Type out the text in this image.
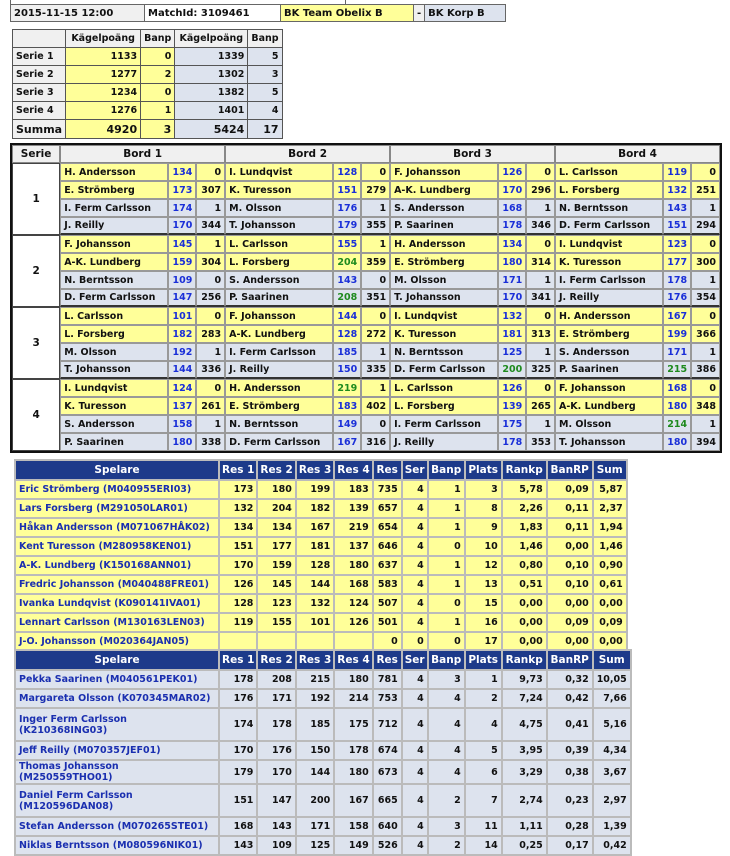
2015-11-15 12:00	MatchId: 3109461	BK Team Obelix B	-	BK Korp B
	Kägelpoäng	Banp	Kägelpoäng	Banp
Serie 1	1133	0	1339	5
Serie 2	1277	2	1302	3
Serie 3	1234	0	1382	5
Serie 4	1276	1	1401	4
Summa	4920	3	5424	17
Serie	Bord 1			Bord 2			Bord 3			Bord 4		
1	H. Andersson	134	0	I. Lundqvist	128	0	F. Johansson	126	0	L. Carlsson	119	0
	E. Strömberg	173	307	K. Turesson	151	279	A-K. Lundberg	170	296	L. Forsberg	132	251
	I. Ferm Carlsson	174	1	M. Olsson	176	1	S. Andersson	168	1	N. Berntsson	143	1
	J. Reilly	170	344	T. Johansson	179	355	P. Saarinen	178	346	D. Ferm Carlsson	151	294
2	F. Johansson	145	1	L. Carlsson	155	1	H. Andersson	134	0	I. Lundqvist	123	0
	A-K. Lundberg	159	304	L. Forsberg	204	359	E. Strömberg	180	314	K. Turesson	177	300
	N. Berntsson	109	0	S. Andersson	143	0	M. Olsson	171	1	I. Ferm Carlsson	178	1
	D. Ferm Carlsson	147	256	P. Saarinen	208	351	T. Johansson	170	341	J. Reilly	176	354
3	L. Carlsson	101	0	F. Johansson	144	0	I. Lundqvist	132	0	H. Andersson	167	0
	L. Forsberg	182	283	A-K. Lundberg	128	272	K. Turesson	181	313	E. Strömberg	199	366
	M. Olsson	192	1	I. Ferm Carlsson	185	1	N. Berntsson	125	1	S. Andersson	171	1
	T. Johansson	144	336	J. Reilly	150	335	D. Ferm Carlsson	200	325	P. Saarinen	215	386
4	I. Lundqvist	124	0	H. Andersson	219	1	L. Carlsson	126	0	F. Johansson	168	0
	K. Turesson	137	261	E. Strömberg	183	402	L. Forsberg	139	265	A-K. Lundberg	180	348
	S. Andersson	158	1	N. Berntsson	149	0	I. Ferm Carlsson	175	1	M. Olsson	214	1
	P. Saarinen	180	338	D. Ferm Carlsson	167	316	J. Reilly	178	353	T. Johansson	180	394
Spelare	Res 1	Res 2	Res 3	Res 4	Res	Ser	Banp	Plats	Rankp	BanRP	Sum
Eric Strömberg (M040955ERI03)	173	180	199	183	735	4	1	3	5,78	0,09	5,87
Lars Forsberg (M291050LAR01)	132	204	182	139	657	4	1	8	2,26	0,11	2,37
Håkan Andersson (M071067HÅK02)	134	134	167	219	654	4	1	9	1,83	0,11	1,94
Kent Turesson (M280958KEN01)	151	177	181	137	646	4	0	10	1,46	0,00	1,46
A-K. Lundberg (K150168ANN01)	170	159	128	180	637	4	1	12	0,80	0,10	0,90
Fredric Johansson (M040488FRE01)	126	145	144	168	583	4	1	13	0,51	0,10	0,61
Ivanka Lundqvist (K090141IVA01)	128	123	132	124	507	4	0	15	0,00	0,00	0,00
Lennart Carlsson (M130163LEN03)	119	155	101	126	501	4	1	16	0,00	0,09	0,09
J-O. Johansson (M020364JAN05)					0	0	0	17	0,00	0,00	0,00
Spelare	Res 1	Res 2	Res 3	Res 4	Res	Ser	Banp	Plats	Rankp	BanRP	Sum
Pekka Saarinen (M040561PEK01)	178	208	215	180	781	4	3	1	9,73	0,32	10,05
Margareta Olsson (K070345MAR02)	176	171	192	214	753	4	4	2	7,24	0,42	7,66
Inger Ferm Carlsson (K210368ING03)	174	178	185	175	712	4	4	4	4,75	0,41	5,16
Jeff Reilly (M070357JEF01)	170	176	150	178	674	4	4	5	3,95	0,39	4,34
Thomas Johansson (M250559THO01)	179	170	144	180	673	4	4	6	3,29	0,38	3,67
Daniel Ferm Carlsson (M120596DAN08)	151	147	200	167	665	4	2	7	2,74	0,23	2,97
Stefan Andersson (M070265STE01)	168	143	171	158	640	4	3	11	1,11	0,28	1,39
Niklas Berntsson (M080596NIK01)	143	109	125	149	526	4	2	14	0,25	0,17	0,42
